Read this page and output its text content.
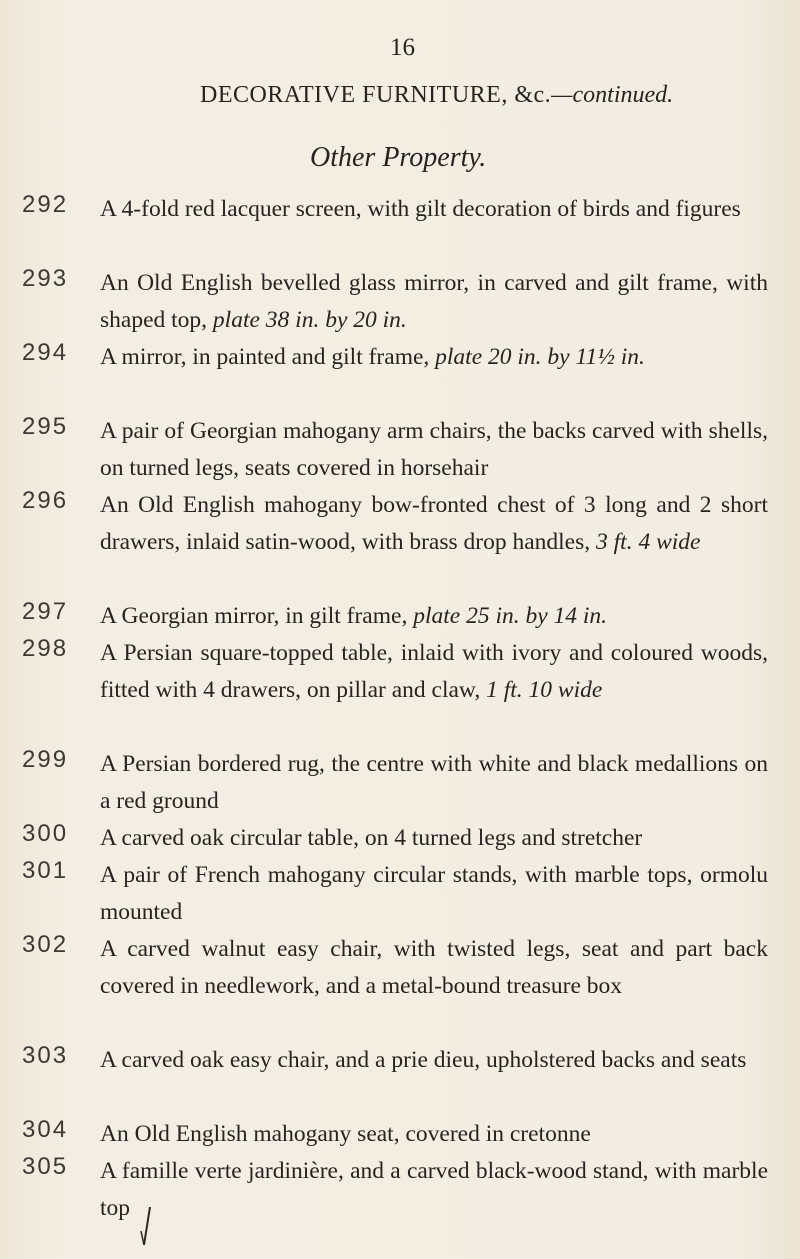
16
DECORATIVE FURNITURE, &c.—continued.
Other Property.
292	A 4-fold red lacquer screen, with gilt decoration of birds and figures
293	An Old English bevelled glass mirror, in carved and gilt frame, with shaped top, plate 38 in. by 20 in.
294	A mirror, in painted and gilt frame, plate 20 in. by 11½ in.
295	A pair of Georgian mahogany arm chairs, the backs carved with shells, on turned legs, seats covered in horsehair
296	An Old English mahogany bow-fronted chest of 3 long and 2 short drawers, inlaid satin-wood, with brass drop handles, 3 ft. 4 wide
297	A Georgian mirror, in gilt frame, plate 25 in. by 14 in.
298	A Persian square-topped table, inlaid with ivory and coloured woods, fitted with 4 drawers, on pillar and claw, 1 ft. 10 wide
299	A Persian bordered rug, the centre with white and black medallions on a red ground
300	A carved oak circular table, on 4 turned legs and stretcher
301	A pair of French mahogany circular stands, with marble tops, ormolu mounted
302	A carved walnut easy chair, with twisted legs, seat and part back covered in needlework, and a metal-bound treasure box
303	A carved oak easy chair, and a prie dieu, upholstered backs and seats
304	An Old English mahogany seat, covered in cretonne
305	A famille verte jardinière, and a carved black-wood stand, with marble top
